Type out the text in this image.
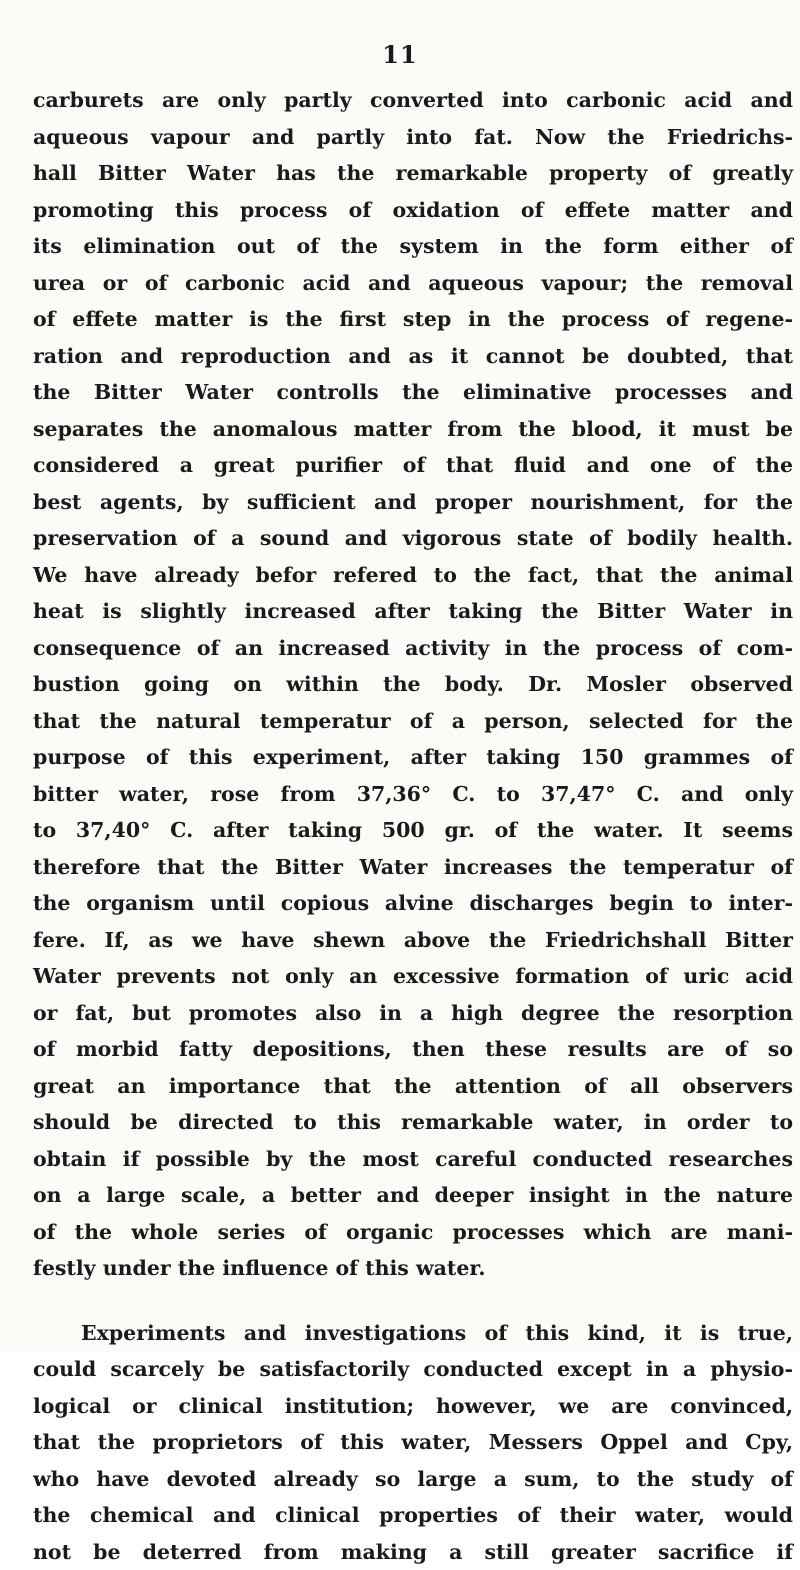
11
carburets are only partly converted into carbonic acid and
aqueous vapour and partly into fat. Now the Friedrichs-
hall Bitter Water has the remarkable property of greatly
promoting this process of oxidation of effete matter and
its elimination out of the system in the form either of
urea or of carbonic acid and aqueous vapour; the removal
of effete matter is the first step in the process of regene-
ration and reproduction and as it cannot be doubted, that
the Bitter Water controlls the eliminative processes and
separates the anomalous matter from the blood, it must be
considered a great purifier of that fluid and one of the
best agents, by sufficient and proper nourishment, for the
preservation of a sound and vigorous state of bodily health.
We have already befor refered to the fact, that the animal
heat is slightly increased after taking the Bitter Water in
consequence of an increased activity in the process of com-
bustion going on within the body. Dr. Mosler observed
that the natural temperatur of a person, selected for the
purpose of this experiment, after taking 150 grammes of
bitter water, rose from 37,36° C. to 37,47° C. and only
to 37,40° C. after taking 500 gr. of the water. It seems
therefore that the Bitter Water increases the temperatur of
the organism until copious alvine discharges begin to inter-
fere. If, as we have shewn above the Friedrichshall Bitter
Water prevents not only an excessive formation of uric acid
or fat, but promotes also in a high degree the resorption
of morbid fatty depositions, then these results are of so
great an importance that the attention of all observers
should be directed to this remarkable water, in order to
obtain if possible by the most careful conducted researches
on a large scale, a better and deeper insight in the nature
of the whole series of organic processes which are mani-
festly under the influence of this water.
Experiments and investigations of this kind, it is true,
could scarcely be satisfactorily conducted except in a physio-
logical or clinical institution; however, we are convinced,
that the proprietors of this water, Messers Oppel and Cpy,
who have devoted already so large a sum, to the study of
the chemical and clinical properties of their water, would
not be deterred from making a still greater sacrifice if
